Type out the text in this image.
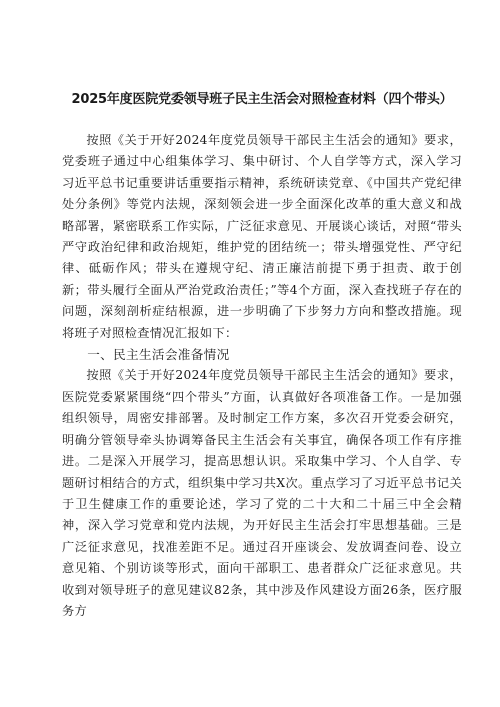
2025年度医院党委领导班子民主生活会对照检查材料（四个带头）

按照《关于开好2024年度党员领导干部民主生活会的通知》要求，党委班子通过中心组集体学习、集中研讨、个人自学等方式，深入学习习近平总书记重要讲话重要指示精神，系统研读党章、《中国共产党纪律处分条例》等党内法规，深刻领会进一步全面深化改革的重大意义和战略部署，紧密联系工作实际，广泛征求意见、开展谈心谈话，对照“带头严守政治纪律和政治规矩，维护党的团结统一；带头增强党性、严守纪律、砥砺作风；带头在遵规守纪、清正廉洁前提下勇于担责、敢于创新；带头履行全面从严治党政治责任；”等4个方面，深入查找班子存在的问题，深刻剖析症结根源，进一步明确了下步努力方向和整改措施。现将班子对照检查情况汇报如下：

一、民主生活会准备情况

按照《关于开好2024年度党员领导干部民主生活会的通知》要求，医院党委紧紧围绕“四个带头”方面，认真做好各项准备工作。一是加强组织领导，周密安排部署。及时制定工作方案，多次召开党委会研究，明确分管领导牵头协调筹备民主生活会有关事宜，确保各项工作有序推进。二是深入开展学习，提高思想认识。采取集中学习、个人自学、专题研讨相结合的方式，组织集中学习共X次。重点学习了习近平总书记关于卫生健康工作的重要论述，学习了党的二十大和二十届三中全会精神，深入学习党章和党内法规，为开好民主生活会打牢思想基础。三是广泛征求意见，找准差距不足。通过召开座谈会、发放调查问卷、设立意见箱、个别访谈等形式，面向干部职工、患者群众广泛征求意见。共收到对领导班子的意见建议82条，其中涉及作风建设方面26条，医疗服务方
